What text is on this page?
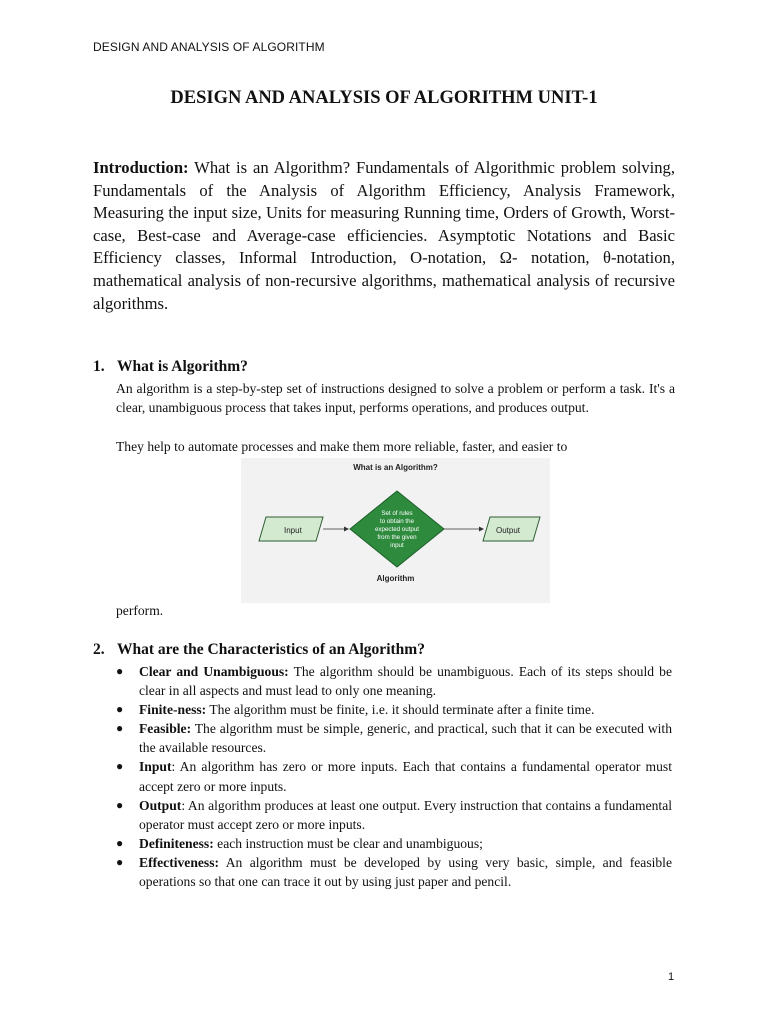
DESIGN AND ANALYSIS OF ALGORITHM
DESIGN AND ANALYSIS OF ALGORITHM UNIT-1
Introduction: What is an Algorithm? Fundamentals of Algorithmic problem solving, Fundamentals of the Analysis of Algorithm Efficiency, Analysis Framework, Measuring the input size, Units for measuring Running time, Orders of Growth, Worst-case, Best-case and Average-case efficiencies. Asymptotic Notations and Basic Efficiency classes, Informal Introduction, O-notation, Ω- notation, θ-notation, mathematical analysis of non-recursive algorithms, mathematical analysis of recursive algorithms.
1. What is Algorithm?
An algorithm is a step-by-step set of instructions designed to solve a problem or perform a task. It's a clear, unambiguous process that takes input, performs operations, and produces output.
They help to automate processes and make them more reliable, faster, and easier to
What is an Algorithm?
Input
Set of rules
to obtain the
expected output
from the given
input
Output
Algorithm
perform.
2. What are the Characteristics of an Algorithm?
● Clear and Unambiguous: The algorithm should be unambiguous. Each of its steps should be clear in all aspects and must lead to only one meaning.
● Finite-ness: The algorithm must be finite, i.e. it should terminate after a finite time.
● Feasible: The algorithm must be simple, generic, and practical, such that it can be executed with the available resources.
● Input: An algorithm has zero or more inputs. Each that contains a fundamental operator must accept zero or more inputs.
● Output: An algorithm produces at least one output. Every instruction that contains a fundamental operator must accept zero or more inputs.
● Definiteness: each instruction must be clear and unambiguous;
● Effectiveness: An algorithm must be developed by using very basic, simple, and feasible operations so that one can trace it out by using just paper and pencil.
1
